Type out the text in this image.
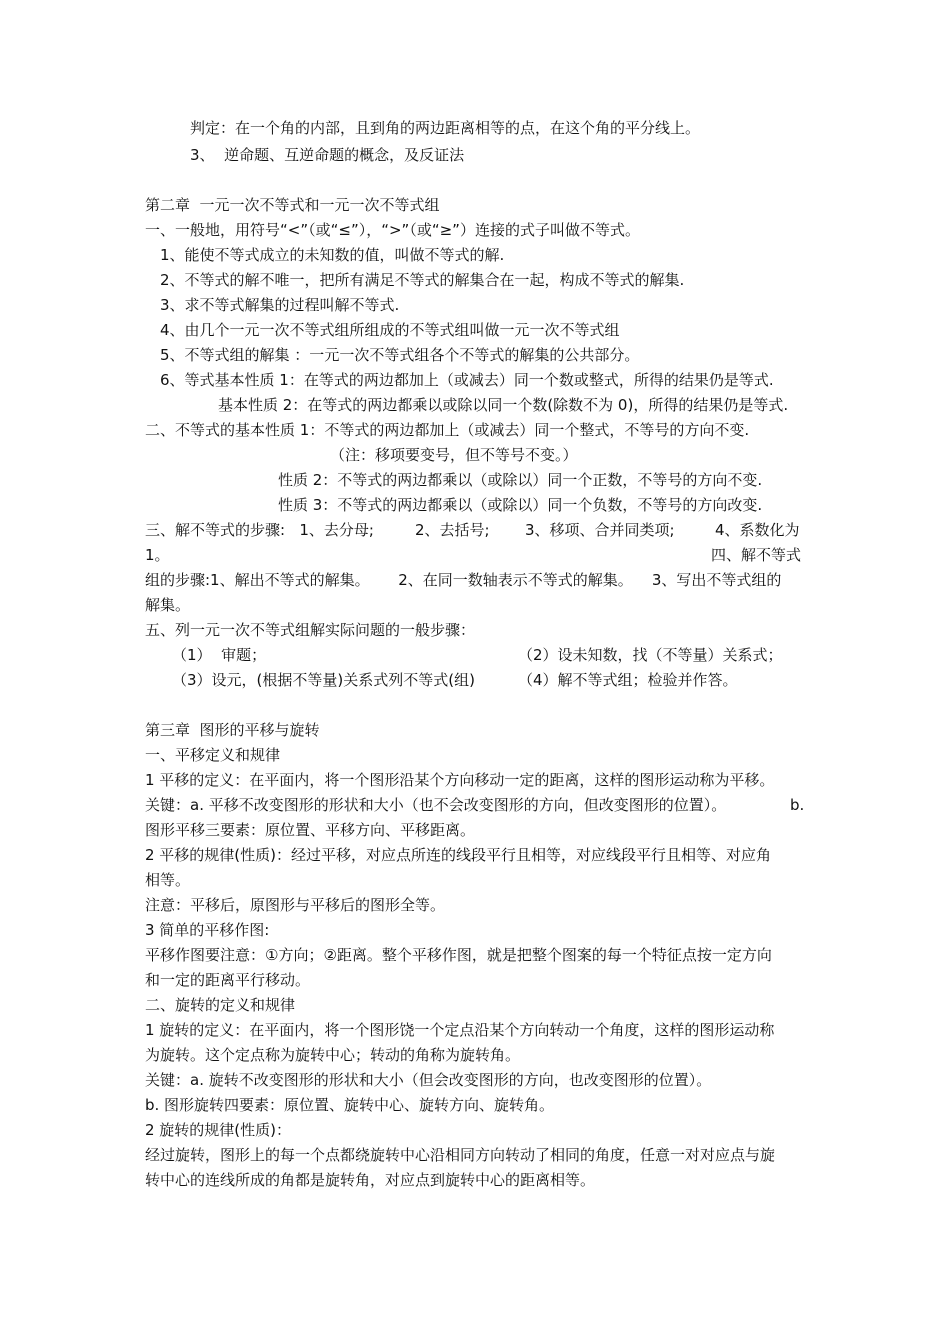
判定：在一个角的内部，且到角的两边距离相等的点，在这个角的平分线上。
3、  逆命题、互逆命题的概念，及反证法
第二章  一元一次不等式和一元一次不等式组
一、一般地，用符号“<”（或“≤”），“>”（或“≥”）连接的式子叫做不等式。
1、能使不等式成立的未知数的值，叫做不等式的解.
2、不等式的解不唯一，把所有满足不等式的解集合在一起，构成不等式的解集.
3、求不等式解集的过程叫解不等式.
4、由几个一元一次不等式组所组成的不等式组叫做一元一次不等式组
5、不等式组的解集 ：一元一次不等式组各个不等式的解集的公共部分。
6、等式基本性质 1：在等式的两边都加上（或减去）同一个数或整式，所得的结果仍是等式.
基本性质 2：在等式的两边都乘以或除以同一个数(除数不为 0)，所得的结果仍是等式.
二、不等式的基本性质 1：不等式的两边都加上（或减去）同一个整式，不等号的方向不变.
（注：移项要变号，但不等号不变。）
性质 2：不等式的两边都乘以（或除以）同一个正数，不等号的方向不变.
性质 3：不等式的两边都乘以（或除以）同一个负数，不等号的方向改变.
三、解不等式的步骤:   1、去分母;	2、去括号; 3、移项、合并同类项;	4、系数化为
1。	四、解不等式
组的步骤:1、解出不等式的解集。      2、在同一数轴表示不等式的解集。    3、写出不等式组的
解集。
五、列一元一次不等式组解实际问题的一般步骤：
（1）  审题；	（2）设未知数，找（不等量）关系式；
（3）设元，(根据不等量)关系式列不等式(组)	（4）解不等式组；检验并作答。
第三章  图形的平移与旋转
一、平移定义和规律
1 平移的定义：在平面内，将一个图形沿某个方向移动一定的距离，这样的图形运动称为平移。
关键：a. 平移不改变图形的形状和大小（也不会改变图形的方向，但改变图形的位置）。	b.
图形平移三要素：原位置、平移方向、平移距离。
2 平移的规律(性质)：经过平移，对应点所连的线段平行且相等，对应线段平行且相等、对应角
相等。
注意：平移后，原图形与平移后的图形全等。
3 简单的平移作图:
平移作图要注意：①方向；②距离。整个平移作图，就是把整个图案的每一个特征点按一定方向
和一定的距离平行移动。
二、旋转的定义和规律
1 旋转的定义：在平面内，将一个图形饶一个定点沿某个方向转动一个角度，这样的图形运动称
为旋转。这个定点称为旋转中心；转动的角称为旋转角。
关键：a. 旋转不改变图形的形状和大小（但会改变图形的方向，也改变图形的位置）。
b. 图形旋转四要素：原位置、旋转中心、旋转方向、旋转角。
2 旋转的规律(性质)：
经过旋转，图形上的每一个点都绕旋转中心沿相同方向转动了相同的角度，任意一对对应点与旋
转中心的连线所成的角都是旋转角，对应点到旋转中心的距离相等。
